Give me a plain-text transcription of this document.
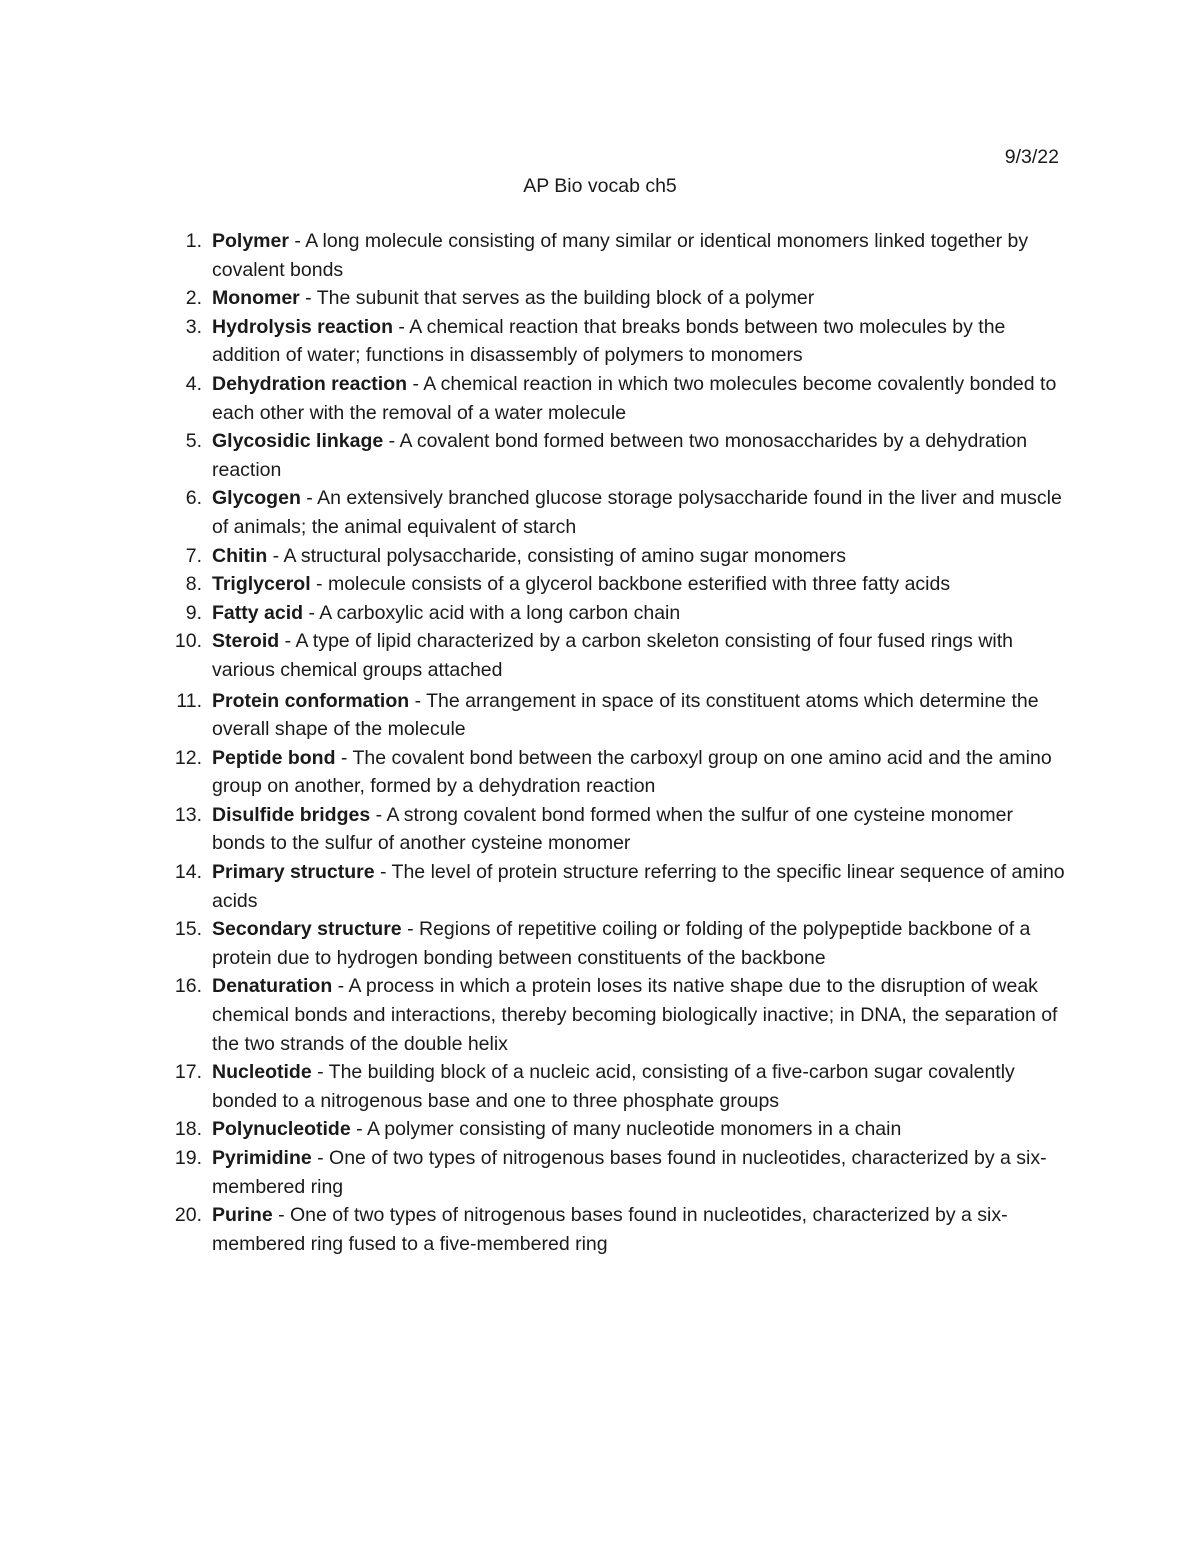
9/3/22
AP Bio vocab ch5
1. Polymer - A long molecule consisting of many similar or identical monomers linked together by covalent bonds
2. Monomer - The subunit that serves as the building block of a polymer
3. Hydrolysis reaction - A chemical reaction that breaks bonds between two molecules by the addition of water; functions in disassembly of polymers to monomers
4. Dehydration reaction - A chemical reaction in which two molecules become covalently bonded to each other with the removal of a water molecule
5. Glycosidic linkage - A covalent bond formed between two monosaccharides by a dehydration reaction
6. Glycogen - An extensively branched glucose storage polysaccharide found in the liver and muscle of animals; the animal equivalent of starch
7. Chitin - A structural polysaccharide, consisting of amino sugar monomers
8. Triglycerol - molecule consists of a glycerol backbone esterified with three fatty acids
9. Fatty acid - A carboxylic acid with a long carbon chain
10. Steroid - A type of lipid characterized by a carbon skeleton consisting of four fused rings with various chemical groups attached
11. Protein conformation - The arrangement in space of its constituent atoms which determine the overall shape of the molecule
12. Peptide bond - The covalent bond between the carboxyl group on one amino acid and the amino group on another, formed by a dehydration reaction
13. Disulfide bridges - A strong covalent bond formed when the sulfur of one cysteine monomer bonds to the sulfur of another cysteine monomer
14. Primary structure - The level of protein structure referring to the specific linear sequence of amino acids
15. Secondary structure - Regions of repetitive coiling or folding of the polypeptide backbone of a protein due to hydrogen bonding between constituents of the backbone
16. Denaturation - A process in which a protein loses its native shape due to the disruption of weak chemical bonds and interactions, thereby becoming biologically inactive; in DNA, the separation of the two strands of the double helix
17. Nucleotide - The building block of a nucleic acid, consisting of a five-carbon sugar covalently bonded to a nitrogenous base and one to three phosphate groups
18. Polynucleotide - A polymer consisting of many nucleotide monomers in a chain
19. Pyrimidine - One of two types of nitrogenous bases found in nucleotides, characterized by a six-membered ring
20. Purine - One of two types of nitrogenous bases found in nucleotides, characterized by a six-membered ring fused to a five-membered ring
